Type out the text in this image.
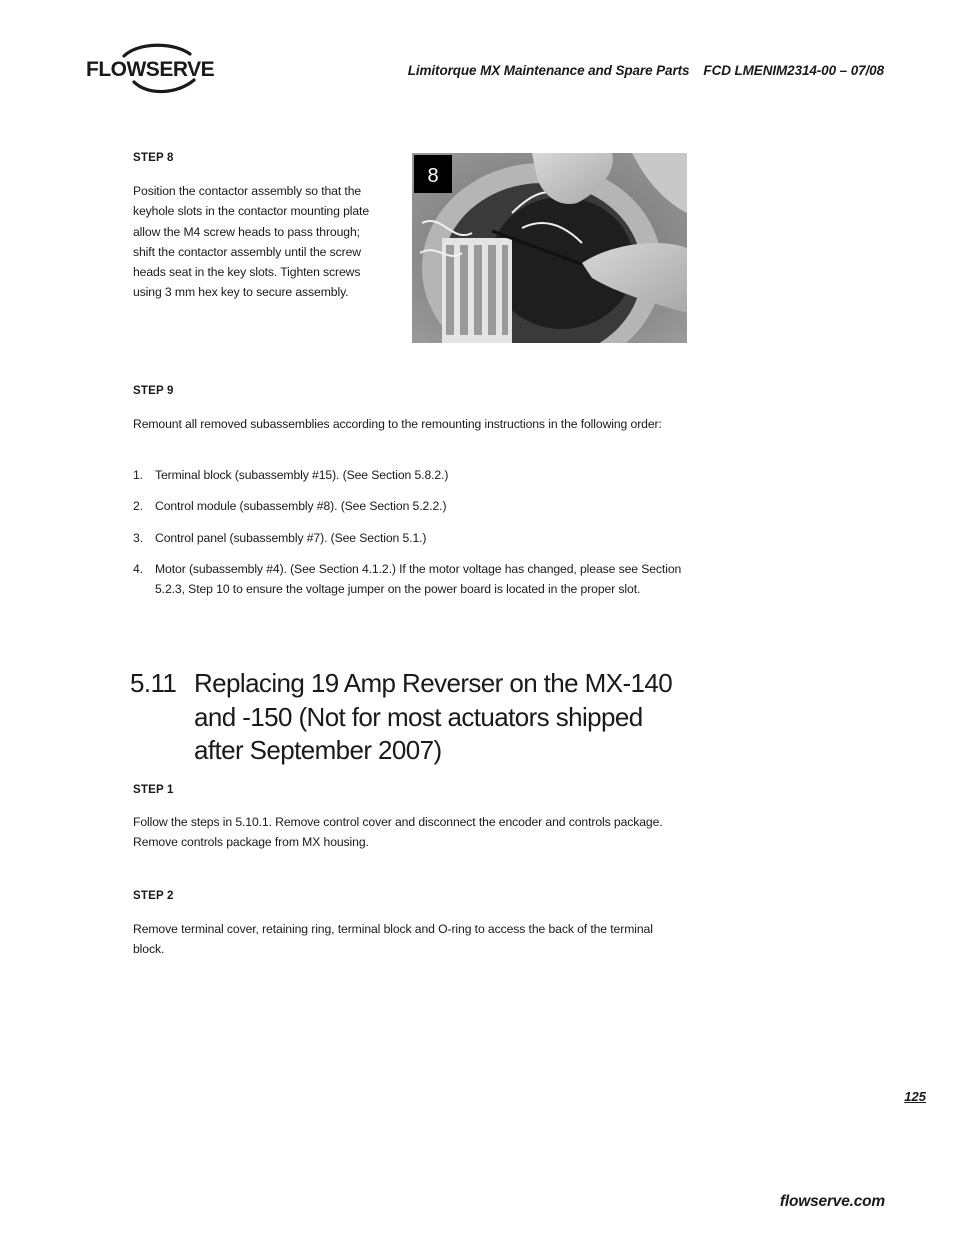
FLOWSERVE	Limitorque MX Maintenance and Spare Parts FCD LMENIM2314-00 – 07/08
STEP 8
Position the contactor assembly so that the keyhole slots in the contactor mounting plate allow the M4 screw heads to pass through; shift the contactor assembly until the screw heads seat in the key slots. Tighten screws using 3 mm hex key to secure assembly.
8
STEP 9
Remount all removed subassemblies according to the remounting instructions in the following order:
1. Terminal block (subassembly #15). (See Section 5.8.2.)
2. Control module (subassembly #8). (See Section 5.2.2.)
3. Control panel (subassembly #7). (See Section 5.1.)
4. Motor (subassembly #4). (See Section 4.1.2.) If the motor voltage has changed, please see Section 5.2.3, Step 10 to ensure the voltage jumper on the power board is located in the proper slot.
5.11 Replacing 19 Amp Reverser on the MX-140 and -150 (Not for most actuators shipped after September 2007)
STEP 1
Follow the steps in 5.10.1. Remove control cover and disconnect the encoder and controls package. Remove controls package from MX housing.
STEP 2
Remove terminal cover, retaining ring, terminal block and O-ring to access the back of the terminal block.
125
flowserve.com
